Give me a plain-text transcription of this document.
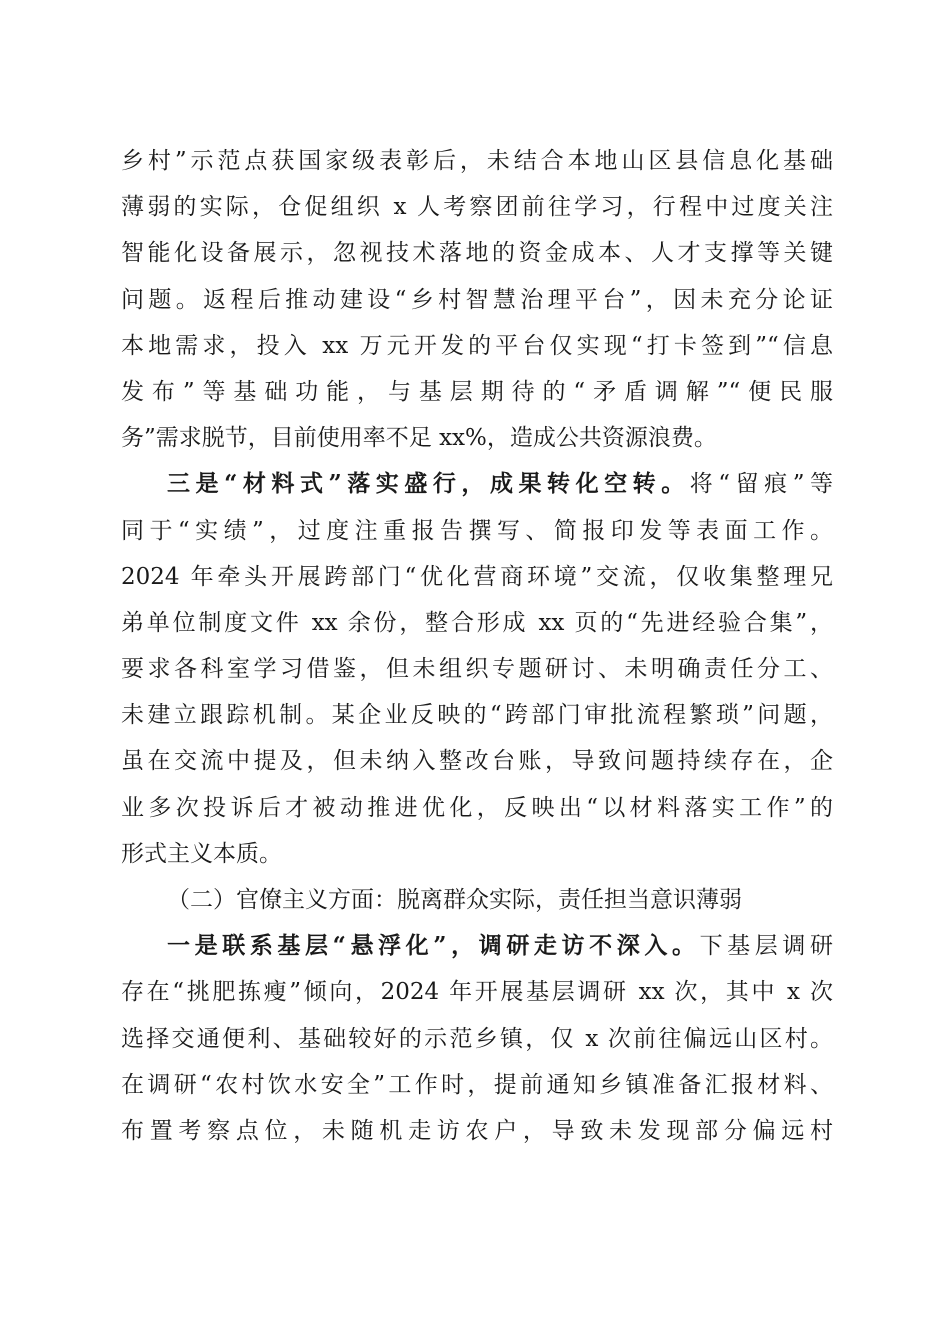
乡村”示范点获国家级表彰后，未结合本地山区县信息化基础
薄弱的实际，仓促组织 x 人考察团前往学习，行程中过度关注
智能化设备展示，忽视技术落地的资金成本、人才支撑等关键
问题。返程后推动建设“乡村智慧治理平台”，因未充分论证
本地需求，投入 xx 万元开发的平台仅实现“打卡签到”“信息
发布”等基础功能，与基层期待的“矛盾调解”“便民服
务”需求脱节，目前使用率不足 xx%，造成公共资源浪费。
三是“材料式”落实盛行，成果转化空转。将“留痕”等
同于“实绩”，过度注重报告撰写、简报印发等表面工作。
2024 年牵头开展跨部门“优化营商环境”交流，仅收集整理兄
弟单位制度文件 xx 余份，整合形成 xx 页的“先进经验合集”，
要求各科室学习借鉴，但未组织专题研讨、未明确责任分工、
未建立跟踪机制。某企业反映的“跨部门审批流程繁琐”问题，
虽在交流中提及，但未纳入整改台账，导致问题持续存在，企
业多次投诉后才被动推进优化，反映出“以材料落实工作”的
形式主义本质。
（二）官僚主义方面：脱离群众实际，责任担当意识薄弱
一是联系基层“悬浮化”，调研走访不深入。下基层调研
存在“挑肥拣瘦”倾向，2024 年开展基层调研 xx 次，其中 x 次
选择交通便利、基础较好的示范乡镇，仅 x 次前往偏远山区村。
在调研“农村饮水安全”工作时，提前通知乡镇准备汇报材料、
布置考察点位，未随机走访农户，导致未发现部分偏远村
